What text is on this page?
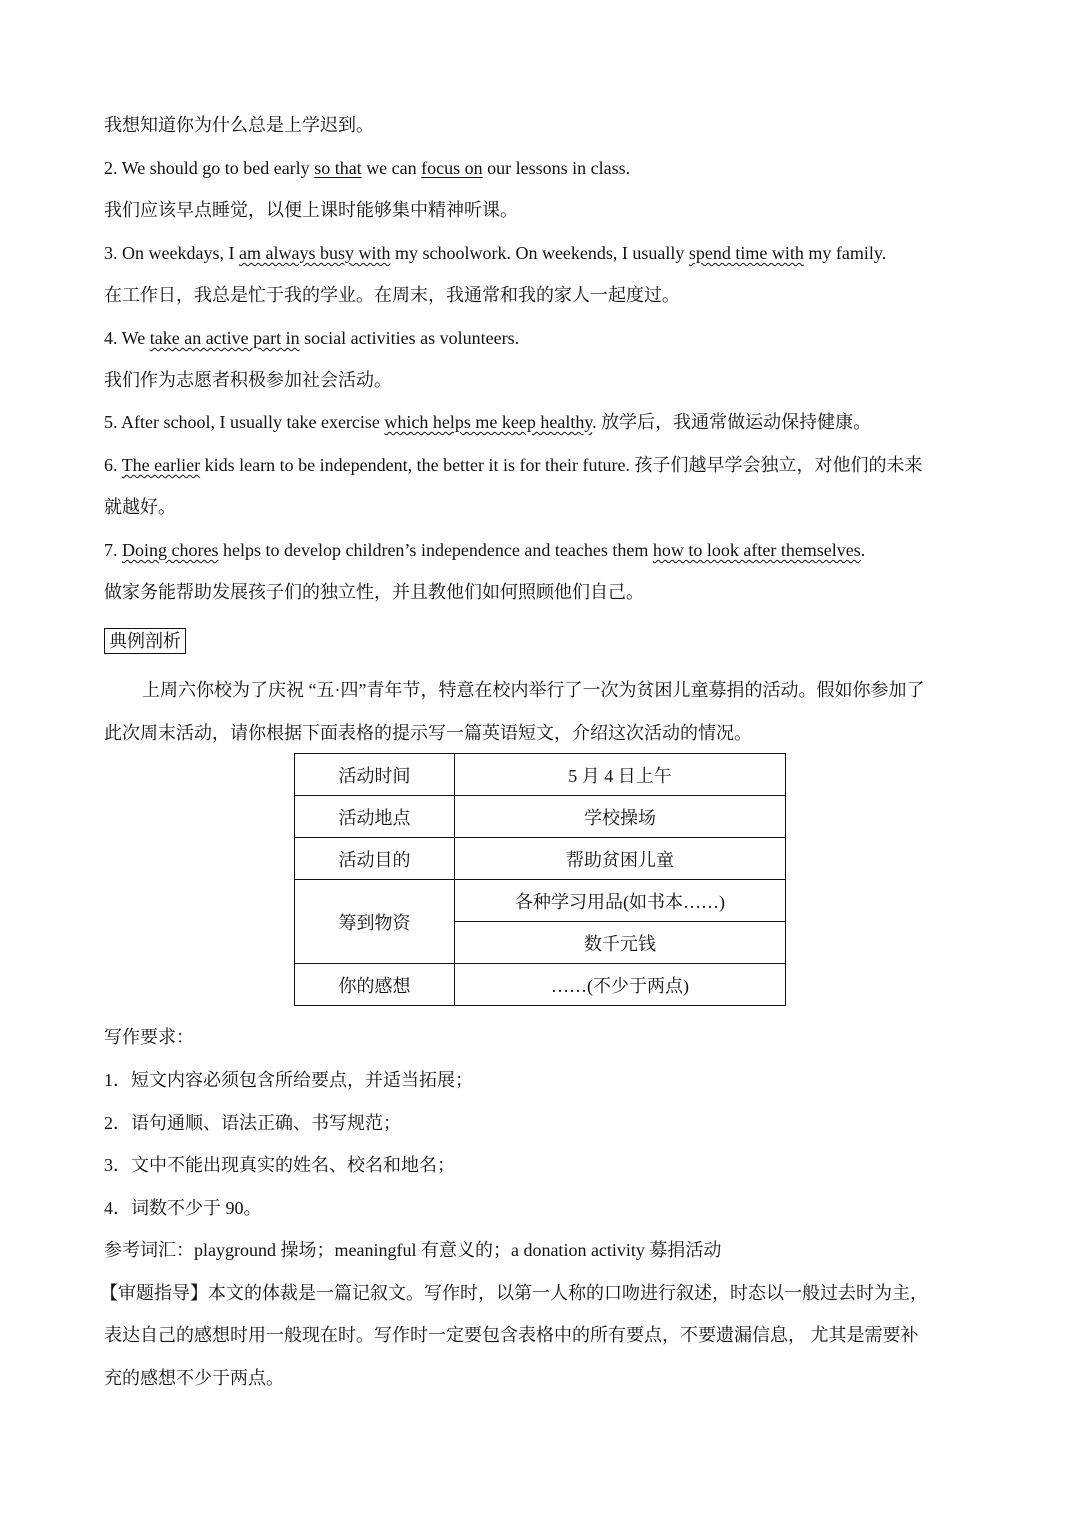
我想知道你为什么总是上学迟到。
2. We should go to bed early so that we can focus on our lessons in class.
我们应该早点睡觉，以便上课时能够集中精神听课。
3. On weekdays, I am always busy with my schoolwork. On weekends, I usually spend time with my family.
在工作日，我总是忙于我的学业。在周末，我通常和我的家人一起度过。
4. We take an active part in social activities as volunteers.
我们作为志愿者积极参加社会活动。
5. After school, I usually take exercise which helps me keep healthy. 放学后，我通常做运动保持健康。
6. The earlier kids learn to be independent, the better it is for their future. 孩子们越早学会独立，对他们的未来
就越好。
7. Doing chores helps to develop children’s independence and teaches them how to look after themselves.
做家务能帮助发展孩子们的独立性，并且教他们如何照顾他们自己。
典例剖析
上周六你校为了庆祝 “五·四”青年节，特意在校内举行了一次为贫困儿童募捐的活动。假如你参加了
此次周末活动，请你根据下面表格的提示写一篇英语短文，介绍这次活动的情况。
活动时间	5 月 4 日上午
活动地点	学校操场
活动目的	帮助贫困儿童
筹到物资	各种学习用品(如书本……)
	数千元钱
你的感想	……(不少于两点)
写作要求：
1．短文内容必须包含所给要点，并适当拓展；
2．语句通顺、语法正确、书写规范；
3．文中不能出现真实的姓名、校名和地名；
4．词数不少于 90。
参考词汇：playground 操场；meaningful 有意义的；a donation activity 募捐活动
【审题指导】本文的体裁是一篇记叙文。写作时，以第一人称的口吻进行叙述，时态以一般过去时为主，
表达自己的感想时用一般现在时。写作时一定要包含表格中的所有要点，不要遗漏信息， 尤其是需要补
充的感想不少于两点。
